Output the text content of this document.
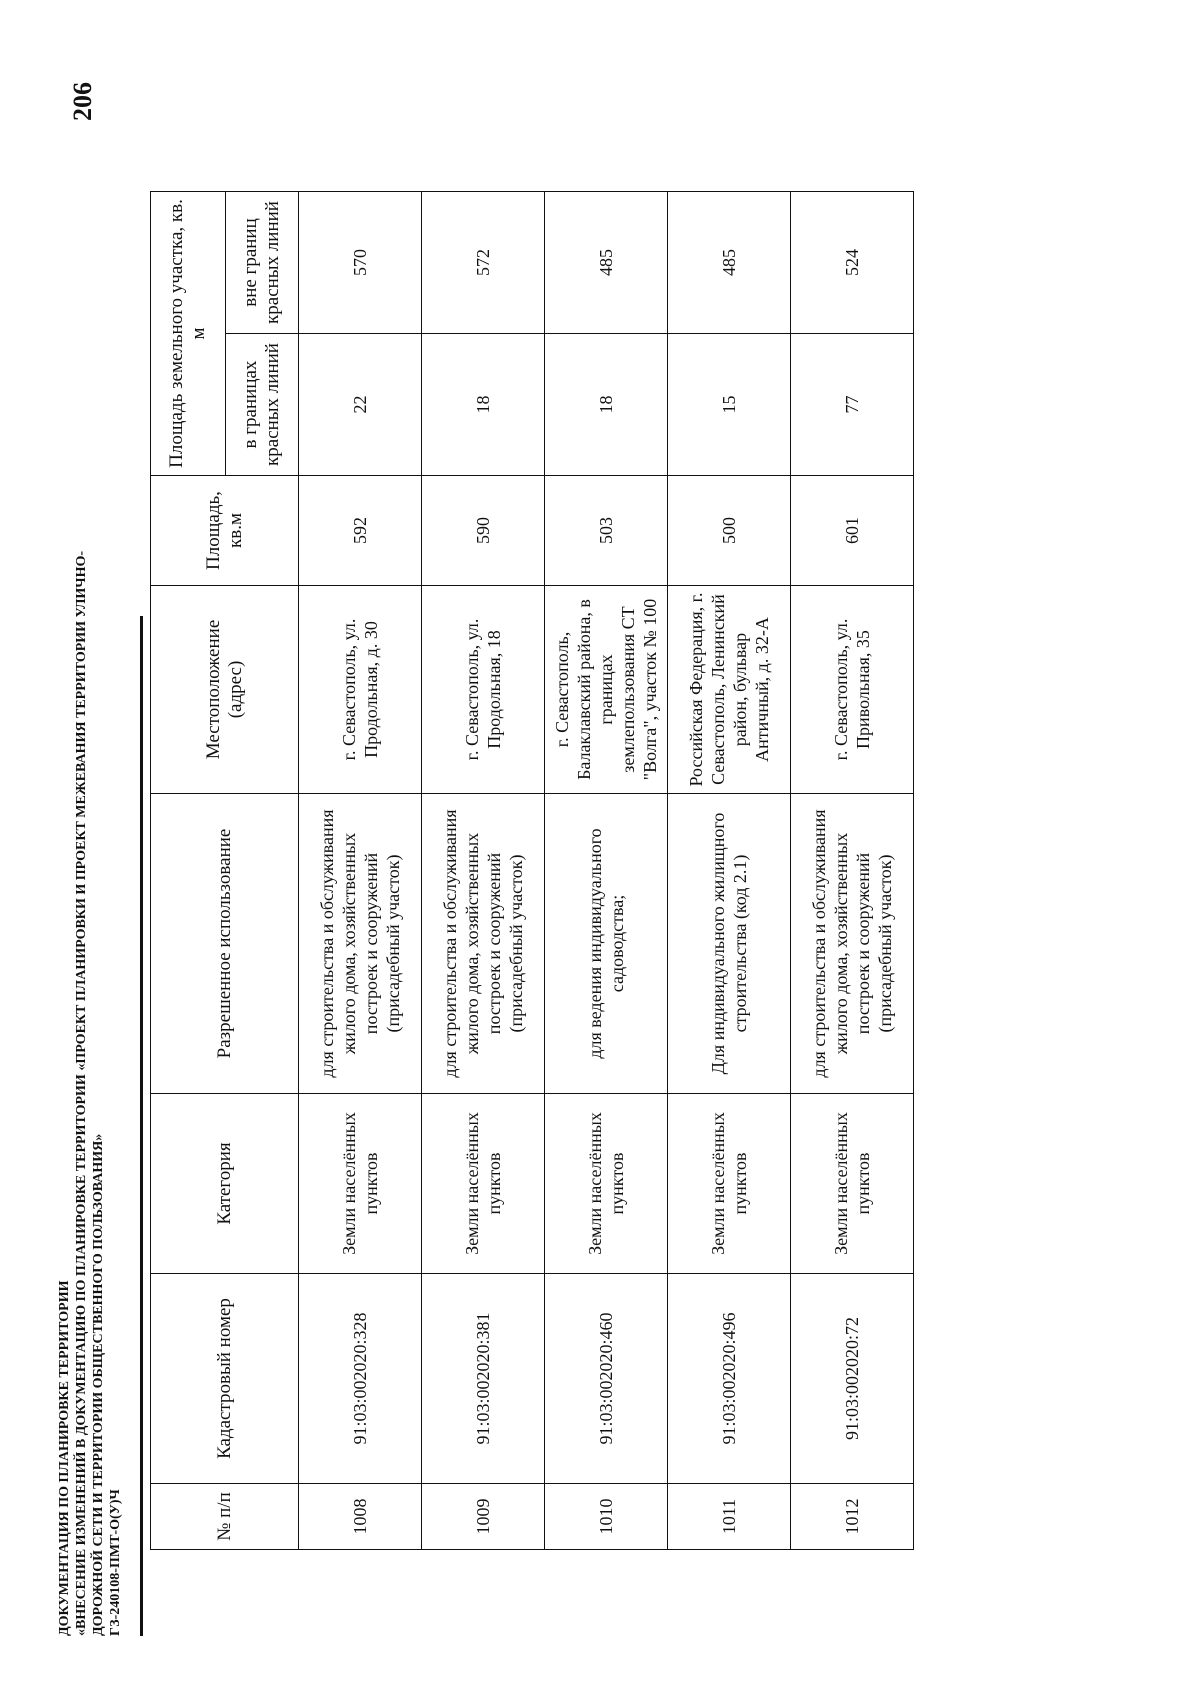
ДОКУМЕНТАЦИЯ ПО ПЛАНИРОВКЕ ТЕРРИТОРИИ «ВНЕСЕНИЕ ИЗМЕНЕНИЙ В ДОКУМЕНТАЦИЮ ПО ПЛАНИРОВКЕ ТЕРРИТОРИИ «ПРОЕКТ ПЛАНИРОВКИ И ПРОЕКТ МЕЖЕВАНИЯ ТЕРРИТОРИИ УЛИЧНО- ДОРОЖНОЙ СЕТИ И ТЕРРИТОРИИ ОБЩЕСТВЕННОГО ПОЛЬЗОВАНИЯ» ГЗ-240108-ПМТ-О(У)Ч
206
№ п/п	Кадастровый номер	Категория	Разрешенное использование	Местоположение (адрес)	Площадь, кв.м	Площадь земельного участка, кв. м	
						в границах красных линий	вне границ красных линий
1008	91:03:002020:328	Земли населённых пунктов	для строительства и обслуживания жилого дома, хозяйственных построек и сооружений (присадебный участок)	г. Севастополь, ул. Продольная, д. 30	592	22	570
1009	91:03:002020:381	Земли населённых пунктов	для строительства и обслуживания жилого дома, хозяйственных построек и сооружений (присадебный участок)	г. Севастополь, ул. Продольная, 18	590	18	572
1010	91:03:002020:460	Земли населённых пунктов	для ведения индивидуального садоводства;	г. Севастополь, Балаклавский района, в границах землепользования СТ "Волга", участок № 100	503	18	485
1011	91:03:002020:496	Земли населённых пунктов	Для индивидуального жилищного строительства (код 2.1)	Российская Федерация, г. Севастополь, Ленинский район, бульвар Античный, д. 32-А	500	15	485
1012	91:03:002020:72	Земли населённых пунктов	для строительства и обслуживания жилого дома, хозяйственных построек и сооружений (присадебный участок)	г. Севастополь, ул. Привольная, 35	601	77	524
